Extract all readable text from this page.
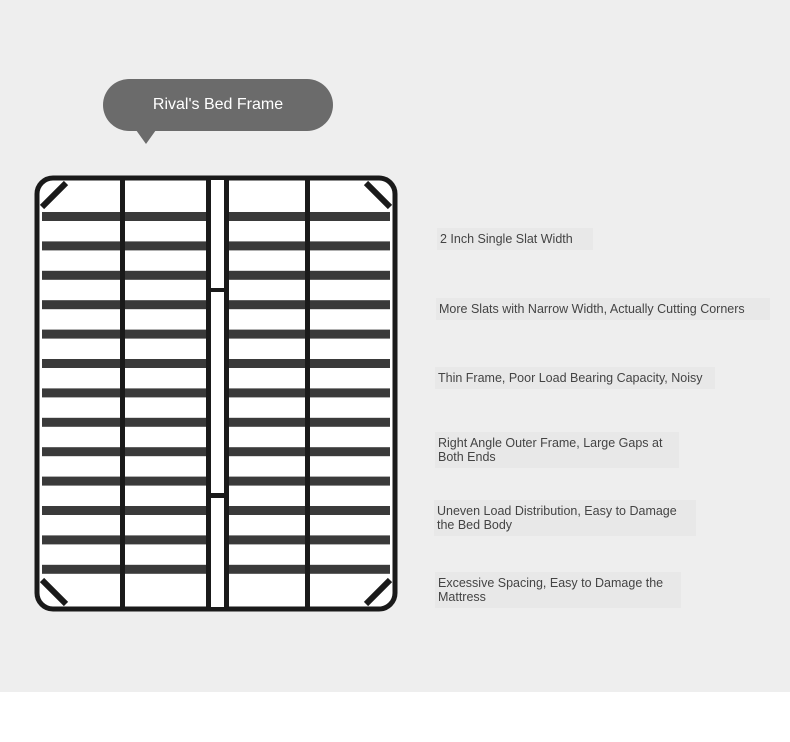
Rival's Bed Frame
2 Inch Single Slat Width
More Slats with Narrow Width, Actually Cutting Corners
Thin Frame, Poor Load Bearing Capacity, Noisy
Right Angle Outer Frame, Large Gaps at Both Ends
Uneven Load Distribution, Easy to Damage the Bed Body
Excessive Spacing, Easy to Damage the Mattress
